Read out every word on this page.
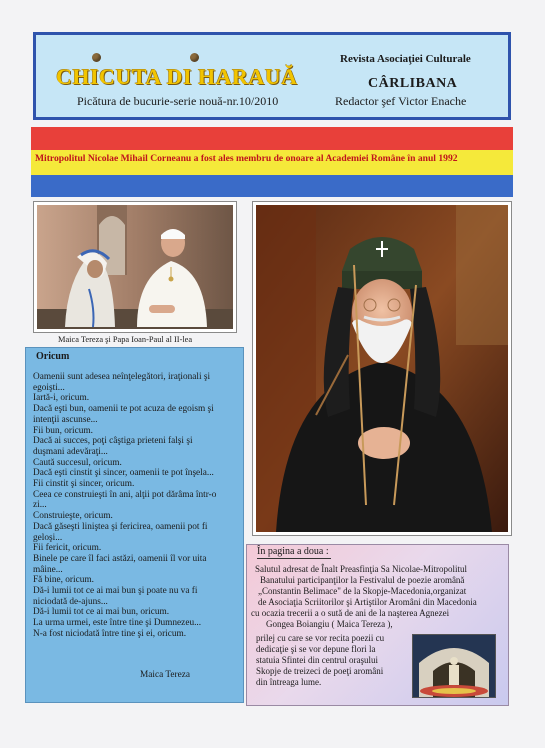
CHICUTA DI HARAUĂ
Picătura de bucurie-serie nouă-nr.10/2010
Revista Asociaţiei Culturale
CÂRLIBANA
Redactor şef Victor Enache
Mitropolitul Nicolae Mihail Corneanu a fost ales membru de onoare al Academiei Române în anul 1992
Maica Tereza şi Papa Ioan-Paul al II-lea
Oricum
Oamenii sunt adesea neînţelegători, iraţionali şi
egoişti...
Iartă-i, oricum.
Dacă eşti bun, oamenii te pot acuza de egoism şi
intenţii ascunse...
Fii bun, oricum.
Dacă ai succes, poţi câştiga prieteni falşi şi
duşmani adevăraţi...
Caută succesul, oricum.
Dacă eşti cinstit şi sincer, oamenii te pot înşela...
Fii cinstit şi sincer, oricum.
Ceea ce construieşti în ani, alţii pot dărâma într-o
zi...
Construieşte, oricum.
Dacă găseşti liniştea şi fericirea, oamenii pot fi
geloşi...
Fii fericit, oricum.
Binele pe care îl faci astăzi, oamenii îl vor uita
mâine...
Fă bine, oricum.
Dă-i lumii tot ce ai mai bun şi poate nu va fi
niciodată de-ajuns...
Dă-i lumii tot ce ai mai bun, oricum.
La urma urmei, este între tine şi Dumnezeu...
N-a fost niciodată între tine şi ei, oricum.
Maica Tereza
În pagina a doua :
Salutul adresat de Înalt Preasfinţia Sa Nicolae-Mitropolitul
Banatului participanţilor la Festivalul de poezie aromână
„Constantin Belimace" de la Skopje-Macedonia,organizat
de Asociaţia Scriitorilor şi Artiştilor Aromâni din Macedonia
cu ocazia trecerii a o sută de ani de la naşterea Agnezei
Gongea Boiangiu ( Maica Tereza ),
prilej cu care se vor recita poezii cu
dedicaţie şi se vor depune flori la
statuia Sfintei din centrul oraşului
Skopje de treizeci de poeţi aromâni
din întreaga lume.
